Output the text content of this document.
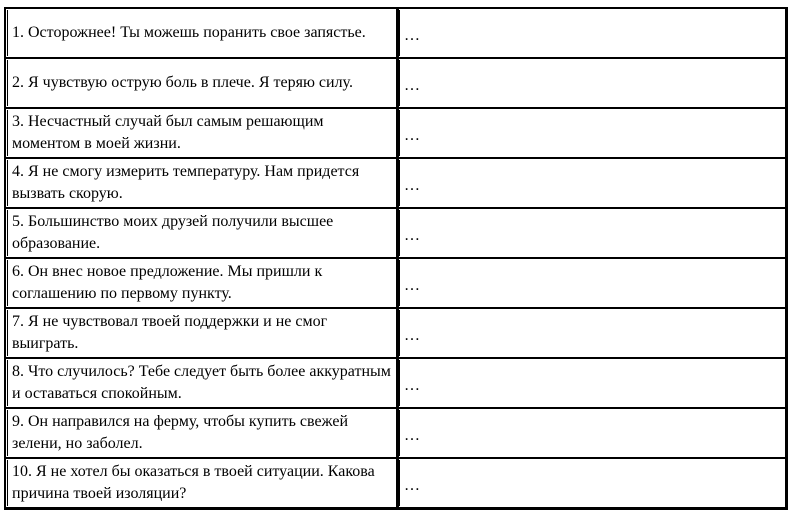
1. Осторожнее! Ты можешь поранить свое запястье.	…

2. Я чувствую острую боль в плече. Я теряю силу.	…

3. Несчастный случай был самым решающим моментом в моей жизни.	…

4. Я не смогу измерить температуру. Нам придется вызвать скорую.	…

5. Большинство моих друзей получили высшее образование.	…

6. Он внес новое предложение. Мы пришли к соглашению по первому пункту.	…

7. Я не чувствовал твоей поддержки и не смог выиграть.	…

8. Что случилось? Тебе следует быть более аккуратным и оставаться спокойным.	…

9. Он направился на ферму, чтобы купить свежей зелени, но заболел.	…

10. Я не хотел бы оказаться в твоей ситуации. Какова причина твоей изоляции?	…
